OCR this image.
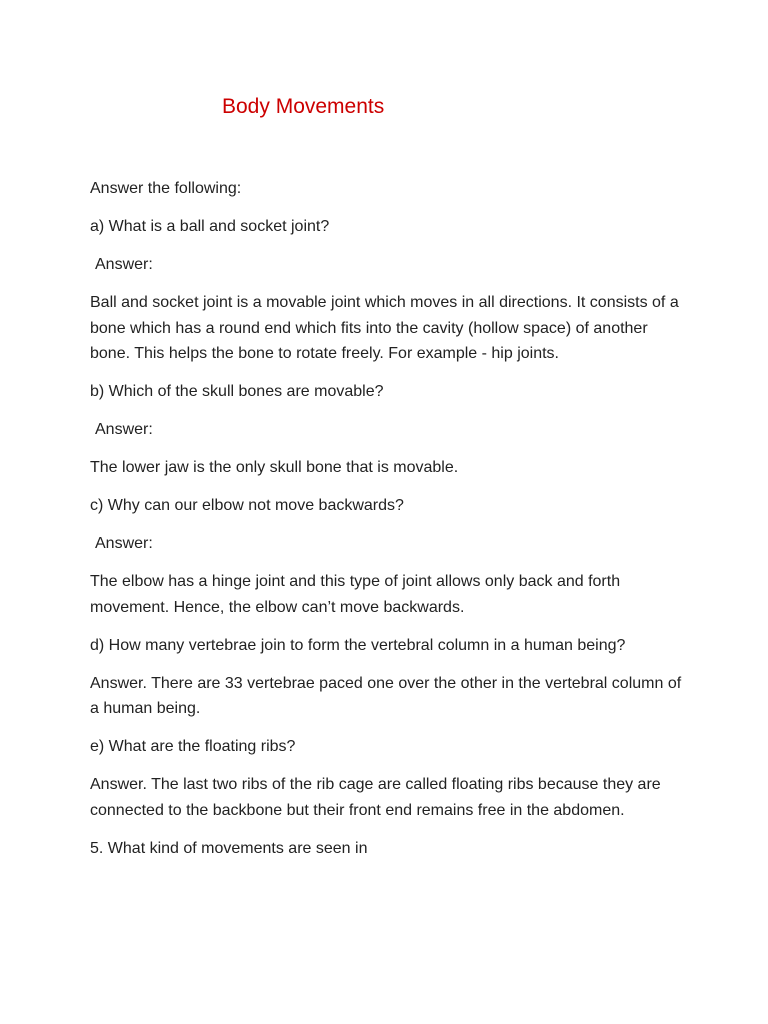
Body Movements

Answer the following:

a) What is a ball and socket joint?

Answer:

Ball and socket joint is a movable joint which moves in all directions. It consists of a bone which has a round end which fits into the cavity (hollow space) of another bone. This helps the bone to rotate freely. For example - hip joints.

b) Which of the skull bones are movable?

Answer:

The lower jaw is the only skull bone that is movable.

c) Why can our elbow not move backwards?

Answer:

The elbow has a hinge joint and this type of joint allows only back and forth movement. Hence, the elbow can’t move backwards.

d) How many vertebrae join to form the vertebral column in a human being?

Answer. There are 33 vertebrae paced one over the other in the vertebral column of a human being.

e) What are the floating ribs?

Answer. The last two ribs of the rib cage are called floating ribs because they are connected to the backbone but their front end remains free in the abdomen.

5. What kind of movements are seen in
